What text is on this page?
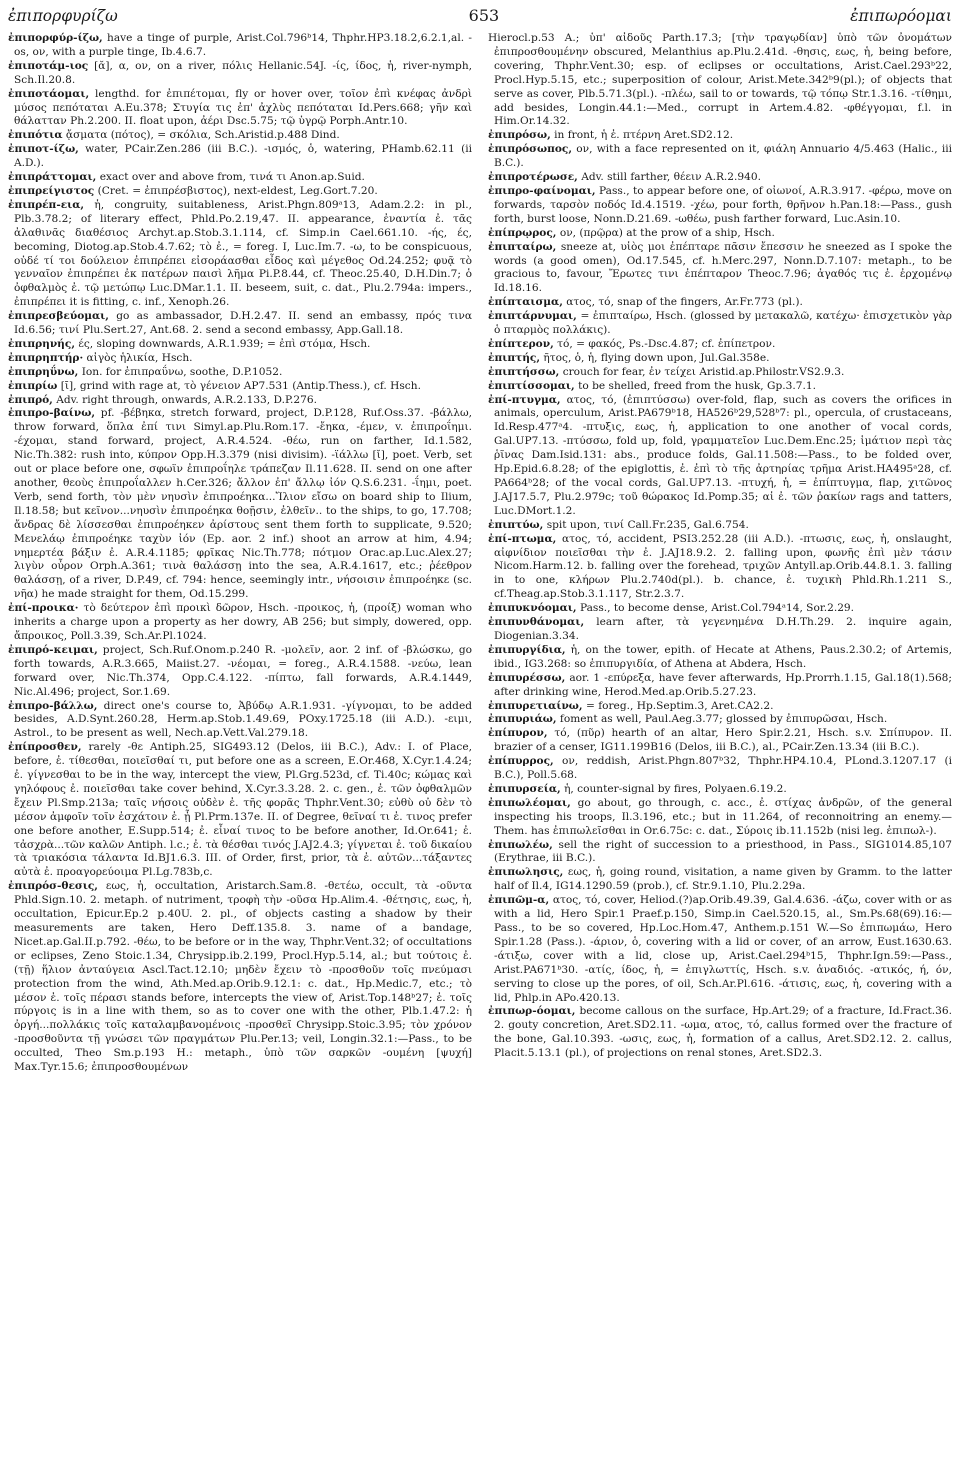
ἐπιπορφυρίζω	653	ἐπιπωρόομαι

ἐπιπορφύρ-ίζω, have a tinge of purple, Arist.Col.796ᵇ14, Thphr.HP3.18.2,6.2.1,al. -os, ον, with a purple tinge, Ib.4.6.7.

ἐπιποτάμ-ιος [ᾰ], α, ον, on a river, πόλις Hellanic.54J. -ίς, ίδος, ἡ, river-nymph, Sch.Il.20.8.

ἐπιποτάομαι, lengthd. for ἐπιπέτομαι, fly or hover over, τοῖον ἐπὶ κνέφας ἀνδρὶ μύσος πεπόταται A.Eu.378; Στυγία τις ἐπ' ἀχλὺς πεπόταται Id.Pers.668; γῆν καὶ θάλατταν Ph.2.200. II. float upon, ἀέρι Dsc.5.75; τῷ ὑγρῷ Porph.Antr.10.

ἐπιπότια ᾄσματα (πότος), = σκόλια, Sch.Aristid.p.488 Dind.

ἐπιποτ-ίζω, water, PCair.Zen.286 (iii B.C.). -ισμός, ὁ, watering, PHamb.62.11 (ii A.D.).

ἐπιπράττομαι, exact over and above from, τινά τι Anon.ap.Suid.

ἐπιπρείγιστος (Cret. = ἐπιπρέσβιστος), next-eldest, Leg.Gort.7.20.

ἐπιπρέπ-εια, ἡ, congruity, suitableness, Arist.Phgn.809ᵃ13, Adam.2.2: in pl., Plb.3.78.2; of literary effect, Phld.Po.2.19,47. II. appearance, ἐναντία ἐ. τᾶς ἀλαθινᾶς διαθέσιος Archyt.ap.Stob.3.1.114, cf. Simp.in Cael.661.10. -ής, ές, becoming, Diotog.ap.Stob.4.7.62; τὸ ἐ., = foreg. I, Luc.Im.7. -ω, to be conspicuous, οὐδέ τί τοι δούλειον ἐπιπρέπει εἰσοράασθαι εἶδος καὶ μέγεθος Od.24.252; φυᾷ τὸ γενναῖον ἐπιπρέπει ἐκ πατέρων παισὶ λῆμα Pi.P.8.44, cf. Theoc.25.40, D.H.Din.7; ὁ ὀφθαλμὸς ἐ. τῷ μετώπῳ Luc.DMar.1.1. II. beseem, suit, c. dat., Plu.2.794a: impers., ἐπιπρέπει it is fitting, c. inf., Xenoph.26.

ἐπιπρεσβεύομαι, go as ambassador, D.H.2.47. II. send an embassy, πρός τινα Id.6.56; τινί Plu.Sert.27, Ant.68. 2. send a second embassy, App.Gall.18.

ἐπιπρηνής, ές, sloping downwards, A.R.1.939; = ἐπὶ στόμα, Hsch.

ἐπιπρηπτήρ· αἰγὸς ἡλικία, Hsch.

ἐπιπρηΰνω, Ion. for ἐπιπραΰνω, soothe, D.P.1052.

ἐπιπρίω [ῑ], grind with rage at, τὸ γένειον AP7.531 (Antip.Thess.), cf. Hsch.

ἐπιπρό, Adv. right through, onwards, A.R.2.133, D.P.276.

ἐπιπρο-βαίνω, pf. -βέβηκα, stretch forward, project, D.P.128, Ruf.Oss.37. -βάλλω, throw forward, ὅπλα ἐπί τινι Simyl.ap.Plu.Rom.17. -ἔηκα, -έμεν, v. ἐπιπροΐημι. -έχομαι, stand forward, project, A.R.4.524. -θέω, run on farther, Id.1.582, Nic.Th.382: rush into, κύπρον Opp.H.3.379 (nisi divisim). -ϊάλλω [ῐ], poet. Verb, set out or place before one, σφωϊν ἐπιπροΐηλε τράπεζαν Il.11.628. II. send on one after another, θεοὺς ἐπιπροΐαλλεν h.Cer.326; ἄλλον ἐπ' ἄλλῳ ἰόν Q.S.6.231. -ΐημι, poet. Verb, send forth, τὸν μὲν νηυσὶν ἐπιπροέηκα...Ἴλιον εἴσω on board ship to Ilium, Il.18.58; but κεῖνον...νηυσὶν ἐπιπροέηκα θοῇσιν, ἐλθεῖν.. to the ships, to go, 17.708; ἄνδρας δὲ λίσσεσθαι ἐπιπροέηκεν ἀρίστους sent them forth to supplicate, 9.520; Μενελάῳ ἐπιπροέηκε ταχὺν ἰόν (Ep. aor. 2 inf.) shoot an arrow at him, 4.94; νημερτέα βάξιν ἐ. A.R.4.1185; φρῖκας Nic.Th.778; πότμον Orac.ap.Luc.Alex.27; λιγὺν οὖρον Orph.A.361; τινὰ θαλάσσῃ into the sea, A.R.4.1617, etc.; ῥέεθρον θαλάσσῃ, of a river, D.P.49, cf. 794: hence, seemingly intr., νήσοισιν ἐπιπροέηκε (sc. νῆα) he made straight for them, Od.15.299.

ἐπί-προικα· τὸ δεύτερον ἐπὶ προικὶ δῶρον, Hsch. -προικος, ἡ, (προίξ) woman who inherits a charge upon a property as her dowry, AB 256; but simply, dowered, opp. ἄπροικος, Poll.3.39, Sch.Ar.Pl.1024.

ἐπιπρό-κειμαι, project, Sch.Ruf.Onom.p.240 R. -μολεῖν, aor. 2 inf. of -βλώσκω, go forth towards, A.R.3.665, Maiist.27. -νέομαι, = foreg., A.R.4.1588. -νεύω, lean forward over, Nic.Th.374, Opp.C.4.122. -πίπτω, fall forwards, A.R.4.1449, Nic.Al.496; project, Sor.1.69.

ἐπιπρο-βάλλω, direct one's course to, Ἀβύδῳ A.R.1.931. -γίγνομαι, to be added besides, A.D.Synt.260.28, Herm.ap.Stob.1.49.69, POxy.1725.18 (iii A.D.). -ειμι, Astrol., to be present as well, Nech.ap.Vett.Val.279.18.

ἐπίπροσθεν, rarely -θε Antiph.25, SIG493.12 (Delos, iii B.C.), Adv.: I. of Place, before, ἐ. τίθεσθαι, ποιεῖσθαί τι, put before one as a screen, E.Or.468, X.Cyr.1.4.24; ἐ. γίγνεσθαι to be in the way, intercept the view, Pl.Grg.523d, cf. Ti.40c; κώμας καὶ γηλόφους ἐ. ποιεῖσθαι take cover behind, X.Cyr.3.3.28. 2. c. gen., ἐ. τῶν ὀφθαλμῶν ἔχειν Pl.Smp.213a; ταῖς νήσοις οὐδὲν ἐ. τῆς φορᾶς Thphr.Vent.30; εὐθὺ οὐ δὲν τὸ μέσον ἀμφοῖν τοῖν ἐσχάτοιν ἐ. ᾖ Pl.Prm.137e. II. of Degree, θεῖναί τι ἐ. τινος prefer one before another, E.Supp.514; ἐ. εἶναί τινος to be before another, Id.Or.641; ἐ. τἀσχρὰ...τῶν καλῶν Antiph. l.c.; ἐ. τὰ θέσθαι τινός J.AJ2.4.3; γίγνεται ἐ. τοῦ δικαίου τὰ τριακόσια τάλαντα Id.BJ1.6.3. III. of Order, first, prior, τὰ ἐ. αὐτῶν...τάξαντες αὐτὰ ἐ. προαγορεύοιμα Pl.Lg.783b,c.

ἐπιπρόσ-θεσις, εως, ἡ, occultation, Aristarch.Sam.8. -θετέω, occult, τὰ -οῦντα Phld.Sign.10. 2. metaph. of nutriment, τροφὴ τὴν -οῦσα Hp.Alim.4. -θέτησις, εως, ἡ, occultation, Epicur.Ep.2 p.40U. 2. pl., of objects casting a shadow by their measurements are taken, Hero Deff.135.8. 3. name of a bandage, Nicet.ap.Gal.II.p.792. -θέω, to be before or in the way, Thphr.Vent.32; of occultations or eclipses, Zeno Stoic.1.34, Chrysipp.ib.2.199, Procl.Hyp.5.14, al.; but τούτοις ἐ. (τῇ) ἥλιον ἀνταύγεια Ascl.Tact.12.10; μηδὲν ἔχειν τὸ -προσθοῦν τοῖς πνεύμασι protection from the wind, Ath.Med.ap.Orib.9.12.1: c. dat., Hp.Medic.7, etc.; τὸ μέσον ἐ. τοῖς πέρασι stands before, intercepts the view of, Arist.Top.148ᵇ27; ἐ. τοῖς πύργοις is in a line with them, so as to cover one with the other, Plb.1.47.2: ἡ ὀργή...πολλάκις τοῖς καταλαμβανομένοις -προσθεῖ Chrysipp.Stoic.3.95; τὸν χρόνον -προσθοῦντα τῇ γνώσει τῶν πραγμάτων Plu.Per.13; veil, Longin.32.1:—Pass., to be occulted, Theo Sm.p.193 H.: metaph., ὑπὸ τῶν σαρκῶν -ουμένη [ψυχή] Max.Tyr.15.6; ἐπιπροσθουμένων

Hierocl.p.53 A.; ὑπ' αἰδοῦς Parth.17.3; [τὴν τραγῳδίαν] ὑπὸ τῶν ὀνομάτων ἐπιπροσθουμένην obscured, Melanthius ap.Plu.2.41d. -θησις, εως, ἡ, being before, covering, Thphr.Vent.30; esp. of eclipses or occultations, Arist.Cael.293ᵇ22, Procl.Hyp.5.15, etc.; superposition of colour, Arist.Mete.342ᵇ9(pl.); of objects that serve as cover, Plb.5.71.3(pl.). -πλέω, sail to or towards, τῷ τόπῳ Str.1.3.16. -τίθημι, add besides, Longin.44.1:—Med., corrupt in Artem.4.82. -φθέγγομαι, f.l. in Him.Or.14.32.

ἐπιπρόσω, in front, ἡ ἐ. πτέρνη Aret.SD2.12.

ἐπιπρόσωπος, ον, with a face represented on it, φιάλη Annuario 4/5.463 (Halic., iii B.C.).

ἐπιπροτέρωσε, Adv. still farther, θέειν A.R.2.940.

ἐπιπρο-φαίνομαι, Pass., to appear before one, of οἰωνοί, A.R.3.917. -φέρω, move on forwards, ταρσὸν ποδός Id.4.1519. -χέω, pour forth, θρῆνον h.Pan.18:—Pass., gush forth, burst loose, Nonn.D.21.69. -ωθέω, push farther forward, Luc.Asin.10.

ἐπίπρῳρος, ον, (πρῷρα) at the prow of a ship, Hsch.

ἐπιπταίρω, sneeze at, υἱὸς μοι ἐπέπταρε πᾶσιν ἔπεσσιν he sneezed as I spoke the words (a good omen), Od.17.545, cf. h.Merc.297, Nonn.D.7.107: metaph., to be gracious to, favour, Ἔρωτες τινι ἐπέπταρον Theoc.7.96; ἀγαθός τις ἐ. ἐρχομένῳ Id.18.16.

ἐπίπταισμα, ατος, τό, snap of the fingers, Ar.Fr.773 (pl.).

ἐπιπτάρνυμαι, = ἐπιπταίρω, Hsch. (glossed by μετακαλῶ, κατέχω· ἐπισχετικὸν γὰρ ὁ πταρμὸς πολλάκις).

ἐπίπτερον, τό, = φακός, Ps.-Dsc.4.87; cf. ἐπίπετρον.

ἐπιπτής, ῆτος, ὁ, ἡ, flying down upon, Jul.Gal.358e.

ἐπιπτήσσω, crouch for fear, ἐν τείχει Aristid.ap.Philostr.VS2.9.3.

ἐπιπτίσσομαι, to be shelled, freed from the husk, Gp.3.7.1.

ἐπί-πτυγμα, ατος, τό, (ἐπιπτύσσω) over-fold, flap, such as covers the orifices in animals, operculum, Arist.PA679ᵇ18, HA526ᵇ29,528ᵇ7: pl., opercula, of crustaceans, Id.Resp.477ᵃ4. -πτυξις, εως, ἡ, application to one another of vocal cords, Gal.UP7.13. -πτύσσω, fold up, fold, γραμματεῖον Luc.Dem.Enc.25; ἱμάτιον περὶ τὰς ῥῖνας Dam.Isid.131: abs., produce folds, Gal.11.508:—Pass., to be folded over, Hp.Epid.6.8.28; of the epiglottis, ἐ. ἐπὶ τὸ τῆς ἀρτηρίας τρῆμα Arist.HA495ᵃ28, cf. PA664ᵇ28; of the vocal cords, Gal.UP7.13. -πτυχή, ἡ, = ἐπίπτυγμα, flap, χιτῶνος J.AJ17.5.7, Plu.2.979c; τοῦ θώρακος Id.Pomp.35; αἱ ἐ. τῶν ῥακίων rags and tatters, Luc.DMort.1.2.

ἐπιπτύω, spit upon, τινί Call.Fr.235, Gal.6.754.

ἐπί-πτωμα, ατος, τό, accident, PSI3.252.28 (iii A.D.). -πτωσις, εως, ἡ, onslaught, αἰφνίδιον ποιεῖσθαι τὴν ἐ. J.AJ18.9.2. 2. falling upon, φωνῆς ἐπὶ μὲν τάσιν Nicom.Harm.12. b. falling over the forehead, τριχῶν Antyll.ap.Orib.44.8.1. 3. falling in to one, κλήρων Plu.2.740d(pl.). b. chance, ἐ. τυχικὴ Phld.Rh.1.211 S., cf.Theag.ap.Stob.3.1.117, Str.2.3.7.

ἐπιπυκνόομαι, Pass., to become dense, Arist.Col.794ᵃ14, Sor.2.29.

ἐπιπυνθάνομαι, learn after, τὰ γεγενημένα D.H.Th.29. 2. inquire again, Diogenian.3.34.

ἐπιπυργίδια, ἡ, on the tower, epith. of Hecate at Athens, Paus.2.30.2; of Artemis, ibid., IG3.268: so ἐπιπυργιδία, of Athena at Abdera, Hsch.

ἐπιπυρέσσω, aor. 1 -επύρεξα, have fever afterwards, Hp.Prorrh.1.15, Gal.18(1).568; after drinking wine, Herod.Med.ap.Orib.5.27.23.

ἐπιπυρετιαίνω, = foreg., Hp.Septim.3, Aret.CA2.2.

ἐπιπυριάω, foment as well, Paul.Aeg.3.77; glossed by ἐπιπυρῶσαι, Hsch.

ἐπίπυρον, τό, (πῦρ) hearth of an altar, Hero Spir.2.21, Hsch. s.v. Σπίπυρον. II. brazier of a censer, IG11.199B16 (Delos, iii B.C.), al., PCair.Zen.13.34 (iii B.C.).

ἐπίπυρρος, ον, reddish, Arist.Phgn.807ᵇ32, Thphr.HP4.10.4, PLond.3.1207.17 (i B.C.), Poll.5.68.

ἐπιπυρσεία, ἡ, counter-signal by fires, Polyaen.6.19.2.

ἐπιπωλέομαι, go about, go through, c. acc., ἐ. στίχας ἀνδρῶν, of the general inspecting his troops, Il.3.196, etc.; but in 11.264, of reconnoitring an enemy.—Them. has ἐπιπωλεῖσθαι in Or.6.75c: c. dat., Σύροις ib.11.152b (nisi leg. ἐπιπωλ-).

ἐπιπωλέω, sell the right of succession to a priesthood, in Pass., SIG1014.85,107 (Erythrae, iii B.C.).

ἐπιπωλησις, εως, ἡ, going round, visitation, a name given by Gramm. to the latter half of Il.4, IG14.1290.59 (prob.), cf. Str.9.1.10, Plu.2.29a.

ἐπιπῶμ-α, ατος, τό, cover, Heliod.(?)ap.Orib.49.39, Gal.4.636. -άζω, cover with or as with a lid, Hero Spir.1 Praef.p.150, Simp.in Cael.520.15, al., Sm.Ps.68(69).16:—Pass., to be so covered, Hp.Loc.Hom.47, Anthem.p.151 W.—So ἐπιπωμάω, Hero Spir.1.28 (Pass.). -άριον, ὁ, covering with a lid or cover, of an arrow, Eust.1630.63. -άτιξω, cover with a lid, close up, Arist.Cael.294ᵇ15, Thphr.Ign.59:—Pass., Arist.PA671ᵇ30. -ατίς, ίδος, ἡ, = ἐπιγλωττίς, Hsch. s.v. ἀναδιός. -ατικός, ή, όν, serving to close up the pores, of oil, Sch.Ar.Pl.616. -άτισις, εως, ἡ, covering with a lid, Phlp.in APo.420.13.

ἐπιπωρ-όομαι, become callous on the surface, Hp.Art.29; of a fracture, Id.Fract.36. 2. gouty concretion, Aret.SD2.11. -ωμα, ατος, τό, callus formed over the fracture of the bone, Gal.10.393. -ωσις, εως, ἡ, formation of a callus, Aret.SD2.12. 2. callus, Placit.5.13.1 (pl.), of projections on renal stones, Aret.SD2.3.
